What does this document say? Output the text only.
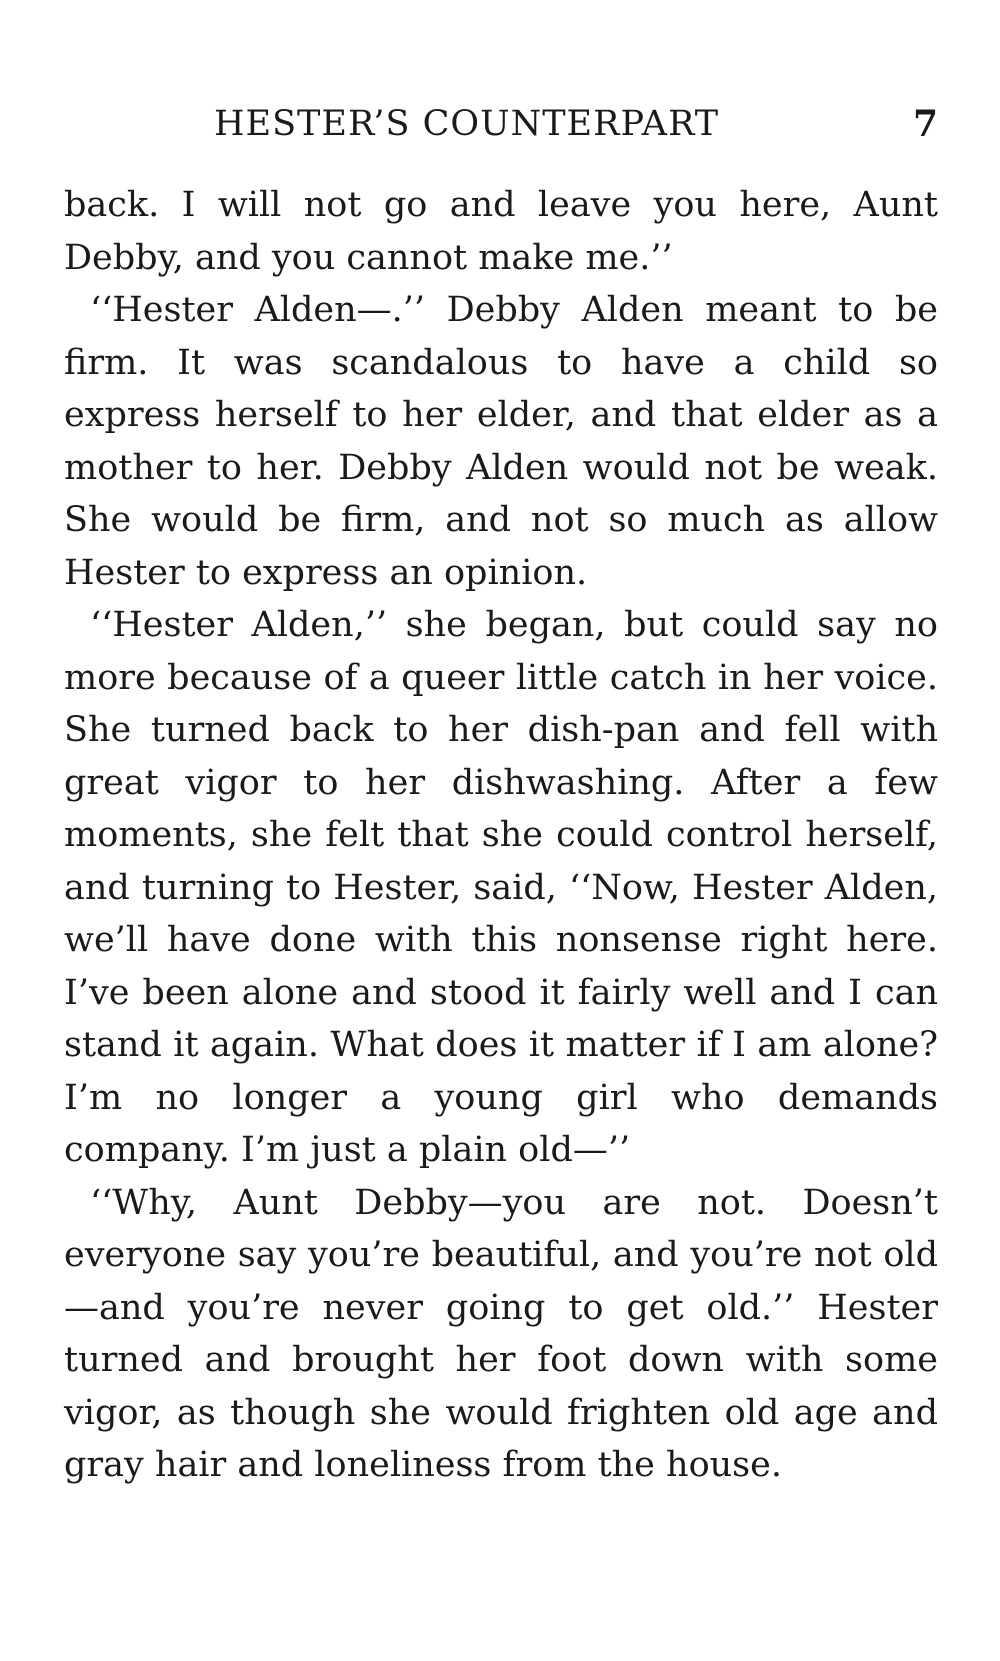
HESTER’S COUNTERPART	7

back. I will not go and leave you here, Aunt Debby, and you cannot make me.’’

‘‘Hester Alden—.’’ Debby Alden meant to be firm. It was scandalous to have a child so express herself to her elder, and that elder as a mother to her. Debby Alden would not be weak. She would be firm, and not so much as allow Hester to express an opinion.

‘‘Hester Alden,’’ she began, but could say no more because of a queer little catch in her voice. She turned back to her dish-pan and fell with great vigor to her dishwashing. After a few moments, she felt that she could control herself, and turning to Hester, said, ‘‘Now, Hester Alden, we’ll have done with this nonsense right here. I’ve been alone and stood it fairly well and I can stand it again. What does it matter if I am alone? I’m no longer a young girl who demands company. I’m just a plain old—’’

‘‘Why, Aunt Debby—you are not. Doesn’t everyone say you’re beautiful, and you’re not old—and you’re never going to get old.’’ Hester turned and brought her foot down with some vigor, as though she would frighten old age and gray hair and loneliness from the house.
